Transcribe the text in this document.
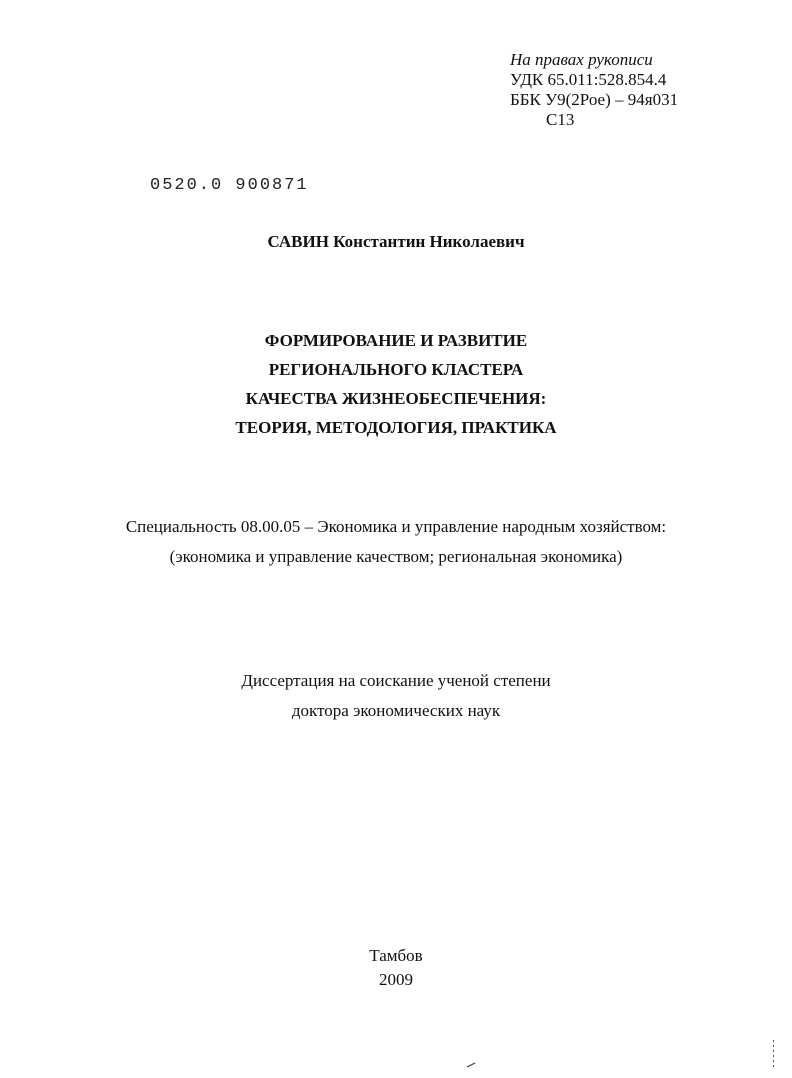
На правах рукописи
УДК 65.011:528.854.4
ББК У9(2Рое) – 94я031
С13
0520.0 900871
САВИН Константин Николаевич
ФОРМИРОВАНИЕ И РАЗВИТИЕ
РЕГИОНАЛЬНОГО КЛАСТЕРА
КАЧЕСТВА ЖИЗНЕОБЕСПЕЧЕНИЯ:
ТЕОРИЯ, МЕТОДОЛОГИЯ, ПРАКТИКА
Специальность 08.00.05 – Экономика и управление народным хозяйством:
(экономика и управление качеством; региональная экономика)
Диссертация на соискание ученой степени
доктора экономических наук
Тамбов
2009
